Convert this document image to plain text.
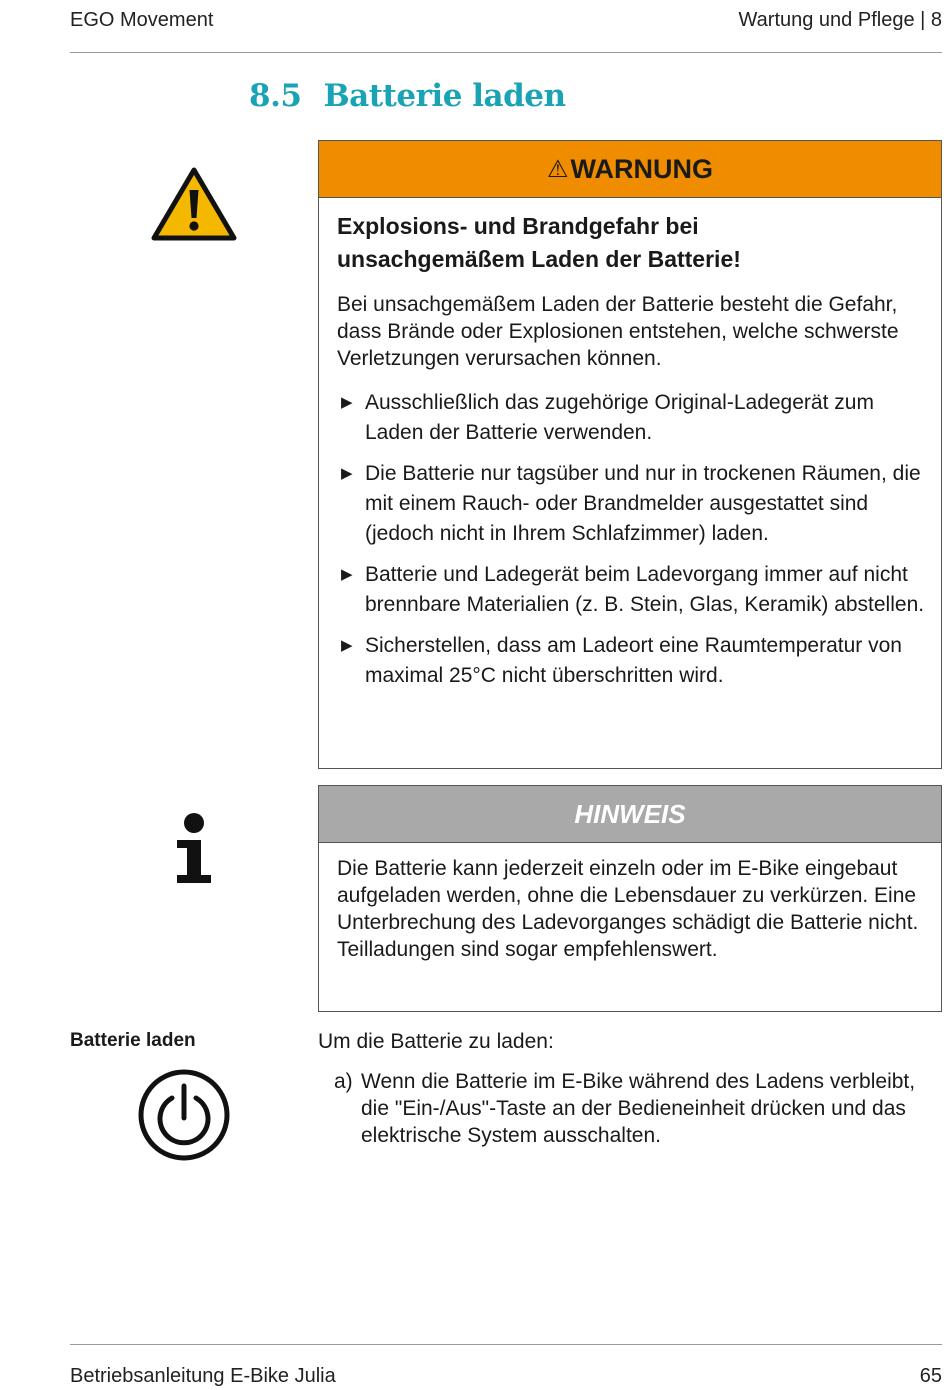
EGO Movement	Wartung und Pflege | 8
8.5 Batterie laden
⚠ WARNUNG
Explosions- und Brandgefahr bei
unsachgemäßem Laden der Batterie!
Bei unsachgemäßem Laden der Batterie besteht die Gefahr, dass Brände oder Explosionen entstehen, welche schwerste Verletzungen verursachen können.
▶ Ausschließlich das zugehörige Original-Ladegerät zum Laden der Batterie verwenden.
▶ Die Batterie nur tagsüber und nur in trockenen Räumen, die mit einem Rauch- oder Brandmelder ausgestattet sind (jedoch nicht in Ihrem Schlafzimmer) laden.
▶ Batterie und Ladegerät beim Ladevorgang immer auf nicht brennbare Materialien (z. B. Stein, Glas, Keramik) abstellen.
▶ Sicherstellen, dass am Ladeort eine Raumtemperatur von maximal 25°C nicht überschritten wird.
HINWEIS
Die Batterie kann jederzeit einzeln oder im E-Bike eingebaut aufgeladen werden, ohne die Lebensdauer zu verkürzen. Eine Unterbrechung des Ladevorganges schädigt die Batterie nicht. Teilladungen sind sogar empfehlenswert.
Batterie laden	Um die Batterie zu laden:
a) Wenn die Batterie im E-Bike während des Ladens verbleibt, die "Ein-/Aus"-Taste an der Bedieneinheit drücken und das elektrische System ausschalten.
Betriebsanleitung E-Bike Julia	65
